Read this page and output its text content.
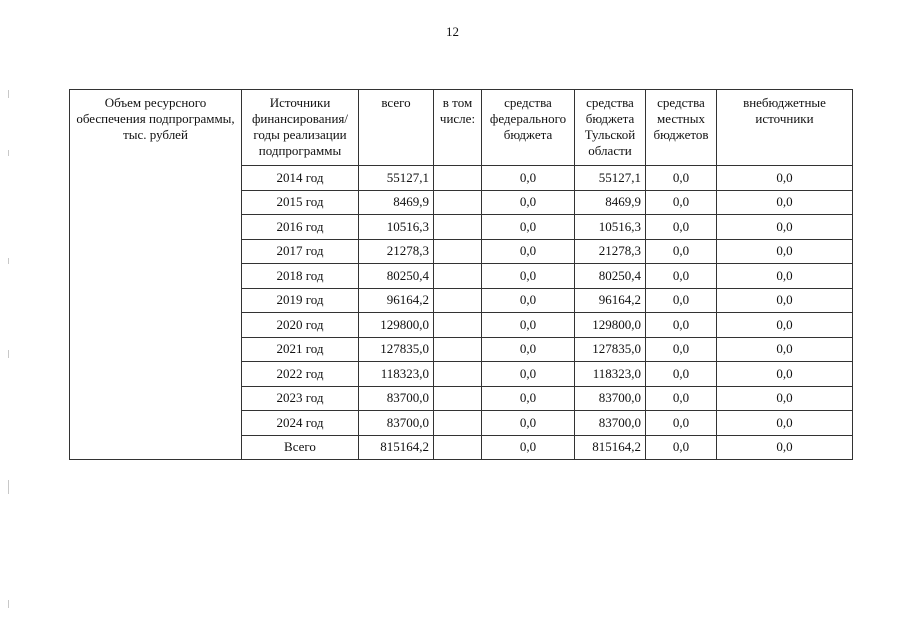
12
Объем ресурсного обеспечения подпрограммы, тыс. рублей	Источники финансирования/ годы реализации подпрограммы	всего	в том числе:	средства федерального бюджета	средства бюджета Тульской области	средства местных бюджетов	внебюджетные источники
	2014 год	55127,1		0,0	55127,1	0,0	0,0
	2015 год	8469,9		0,0	8469,9	0,0	0,0
	2016 год	10516,3		0,0	10516,3	0,0	0,0
	2017 год	21278,3		0,0	21278,3	0,0	0,0
	2018 год	80250,4		0,0	80250,4	0,0	0,0
	2019 год	96164,2		0,0	96164,2	0,0	0,0
	2020 год	129800,0		0,0	129800,0	0,0	0,0
	2021 год	127835,0		0,0	127835,0	0,0	0,0
	2022 год	118323,0		0,0	118323,0	0,0	0,0
	2023 год	83700,0		0,0	83700,0	0,0	0,0
	2024 год	83700,0		0,0	83700,0	0,0	0,0
	Всего	815164,2		0,0	815164,2	0,0	0,0
